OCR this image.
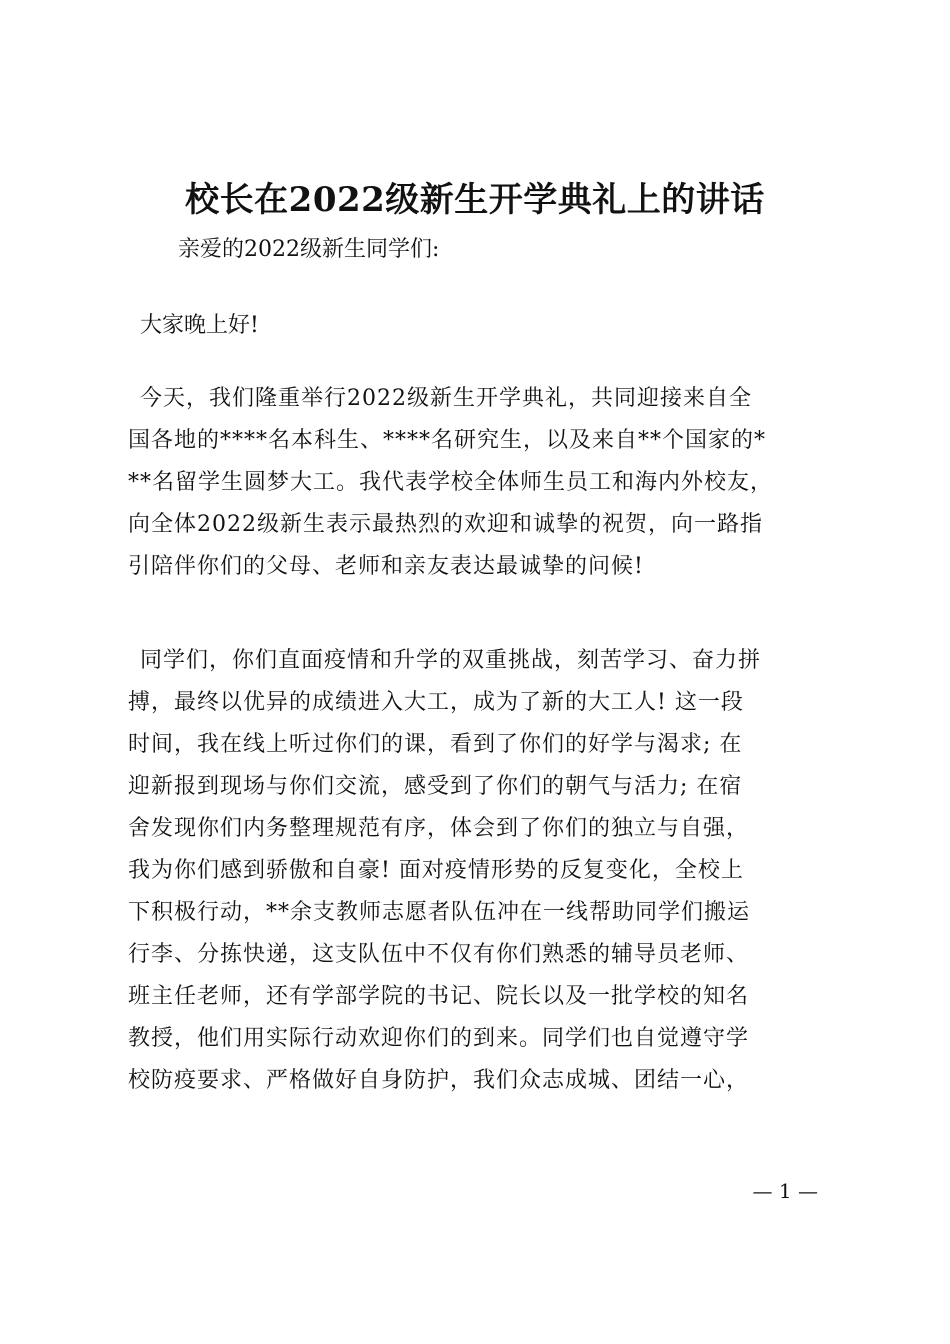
校长在2022级新生开学典礼上的讲话
亲爱的2022级新生同学们:
大家晚上好!
今天，我们隆重举行2022级新生开学典礼，共同迎接来自全
国各地的****名本科生、****名研究生，以及来自**个国家的*
**名留学生圆梦大工。我代表学校全体师生员工和海内外校友，
向全体2022级新生表示最热烈的欢迎和诚挚的祝贺，向一路指
引陪伴你们的父母、老师和亲友表达最诚挚的问候!
同学们，你们直面疫情和升学的双重挑战，刻苦学习、奋力拼
搏，最终以优异的成绩进入大工，成为了新的大工人! 这一段
时间，我在线上听过你们的课，看到了你们的好学与渴求; 在
迎新报到现场与你们交流，感受到了你们的朝气与活力; 在宿
舍发现你们内务整理规范有序，体会到了你们的独立与自强，
我为你们感到骄傲和自豪! 面对疫情形势的反复变化，全校上
下积极行动，**余支教师志愿者队伍冲在一线帮助同学们搬运
行李、分拣快递，这支队伍中不仅有你们熟悉的辅导员老师、
班主任老师，还有学部学院的书记、院长以及一批学校的知名
教授，他们用实际行动欢迎你们的到来。同学们也自觉遵守学
校防疫要求、严格做好自身防护，我们众志成城、团结一心，
— 1 —
